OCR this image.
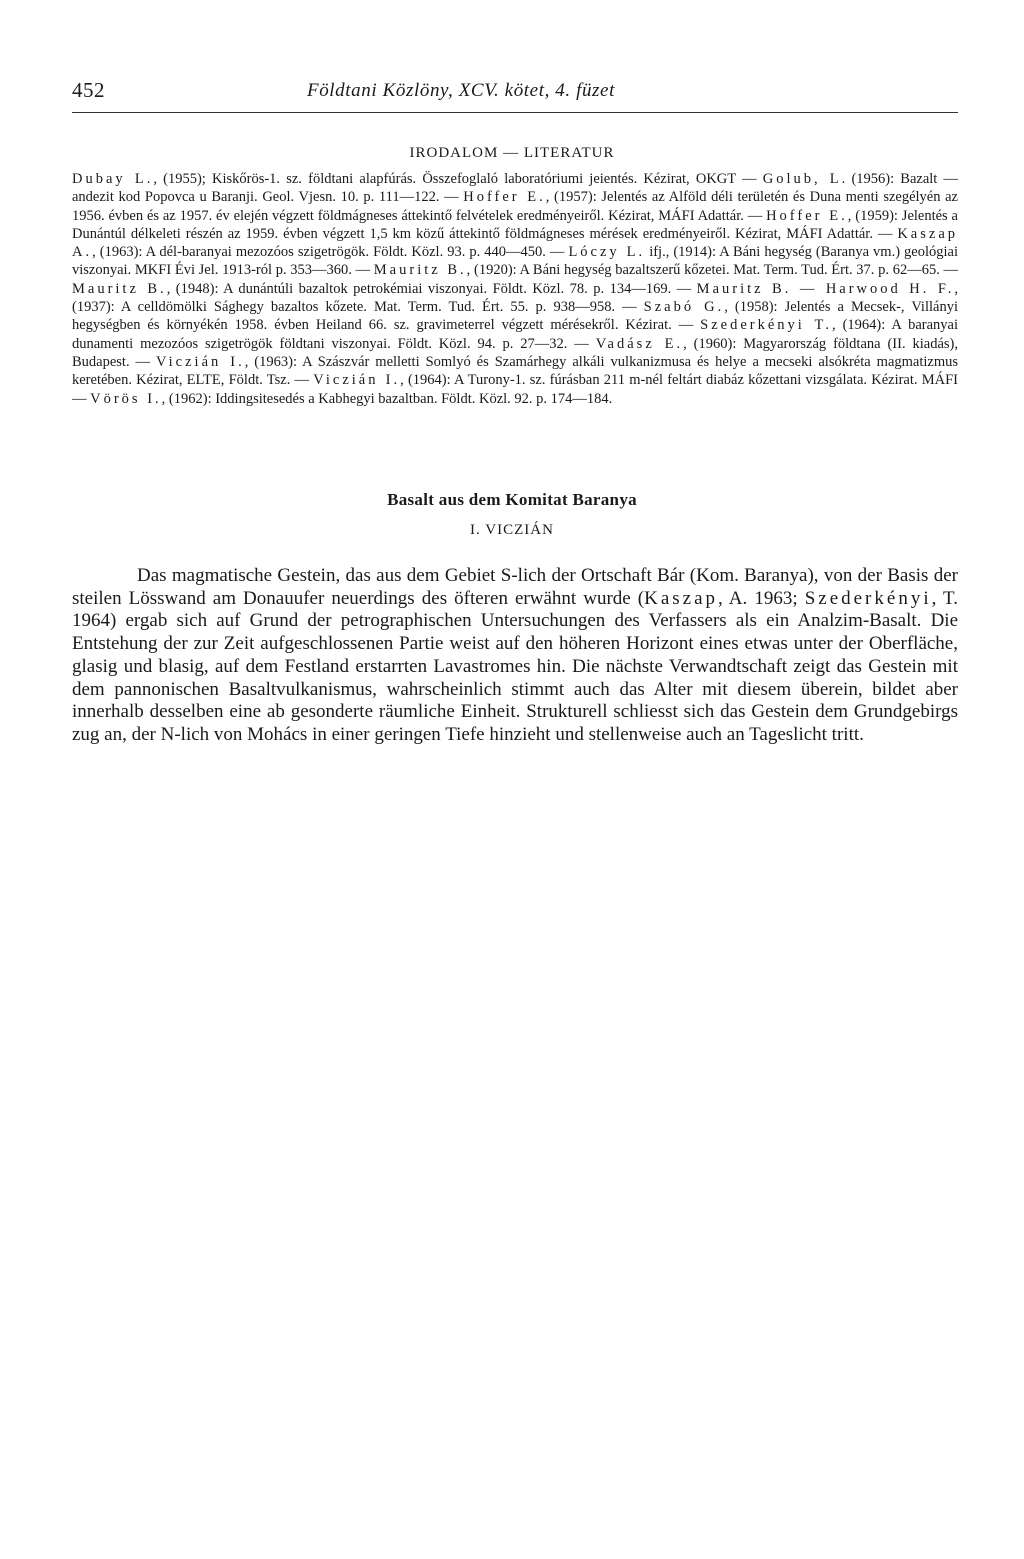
452	Földtani Közlöny, XCV. kötet, 4. füzet
IRODALOM — LITERATUR

Dubay L., (1955); Kiskőrös-1. sz. földtani alapfúrás. Összefoglaló laboratóriumi jeientés. Kézirat, OKGT — Golub, L. (1956): Bazalt — andezit kod Popovca u Baranji. Geol. Vjesn. 10. p. 111—122. — Hoffer E., (1957): Jelentés az Alföld déli területén és Duna menti szegélyén az 1956. évben és az 1957. év elején végzett földmágneses áttekintő felvételek eredményeiről. Kézirat, MÁFI Adattár. — Hoffer E., (1959): Jelentés a Dunántúl délkeleti részén az 1959. évben végzett 1,5 km közű áttekintő földmágneses mérések eredményeiről. Kézirat, MÁFI Adattár. — Kaszap A., (1963): A dél-baranyai mezozóos szigetrögök. Földt. Közl. 93. p. 440—450. — Lóczy L. ifj., (1914): A Báni hegység (Baranya vm.) geológiai viszonyai. MKFI Évi Jel. 1913-ról p. 353—360. — Mauritz B., (1920): A Báni hegység bazaltszerű kőzetei. Mat. Term. Tud. Ért. 37. p. 62—65. — Mauritz B., (1948): A dunántúli bazaltok petrokémiai viszonyai. Földt. Közl. 78. p. 134—169. — Mauritz B. — Harwood H. F., (1937): A celldömölki Sághegy bazaltos kőzete. Mat. Term. Tud. Ért. 55. p. 938—958. — Szabó G., (1958): Jelentés a Mecsek-, Villányi hegységben és környékén 1958. évben Heiland 66. sz. gravimeterrel végzett mérésekről. Kézirat. — Szederkényi T., (1964): A baranyai dunamenti mezozóos szigetrögök földtani viszonyai. Földt. Közl. 94. p. 27—32. — Vadász E., (1960): Magyarország földtana (II. kiadás), Budapest. — Viczián I., (1963): A Szászvár melletti Somlyó és Szamárhegy alkáli vulkanizmusa és helye a mecseki alsókréta magmatizmus keretében. Kézirat, ELTE, Földt. Tsz. — Viczián I., (1964): A Turony-1. sz. fúrásban 211 m-nél feltárt diabáz kőzettani vizsgálata. Kézirat. MÁFI — Vörös I., (1962): Iddingsitesedés a Kabhegyi bazaltban. Földt. Közl. 92. p. 174—184.

Basalt aus dem Komitat Baranya
I. VICZIÁN

Das magmatische Gestein, das aus dem Gebiet S-lich der Ortschaft Bár (Kom. Baranya), von der Basis der steilen Lösswand am Donauufer neuerdings des öfteren erwähnt wurde (Kaszap, A. 1963; Szederkényi, T. 1964) ergab sich auf Grund der petrographischen Untersuchungen des Verfassers als ein Analzim-Basalt. Die Entstehung der zur Zeit aufgeschlossenen Partie weist auf den höheren Horizont eines etwas unter der Oberfläche, glasig und blasig, auf dem Festland erstarrten Lavastromes hin. Die nächste Verwandtschaft zeigt das Gestein mit dem pannonischen Basaltvulkanismus, wahrscheinlich stimmt auch das Alter mit diesem überein, bildet aber innerhalb desselben eine ab gesonderte räumliche Einheit. Strukturell schliesst sich das Gestein dem Grundgebirgs zug an, der N-lich von Mohács in einer geringen Tiefe hinzieht und stellenweise auch an Tageslicht tritt.
